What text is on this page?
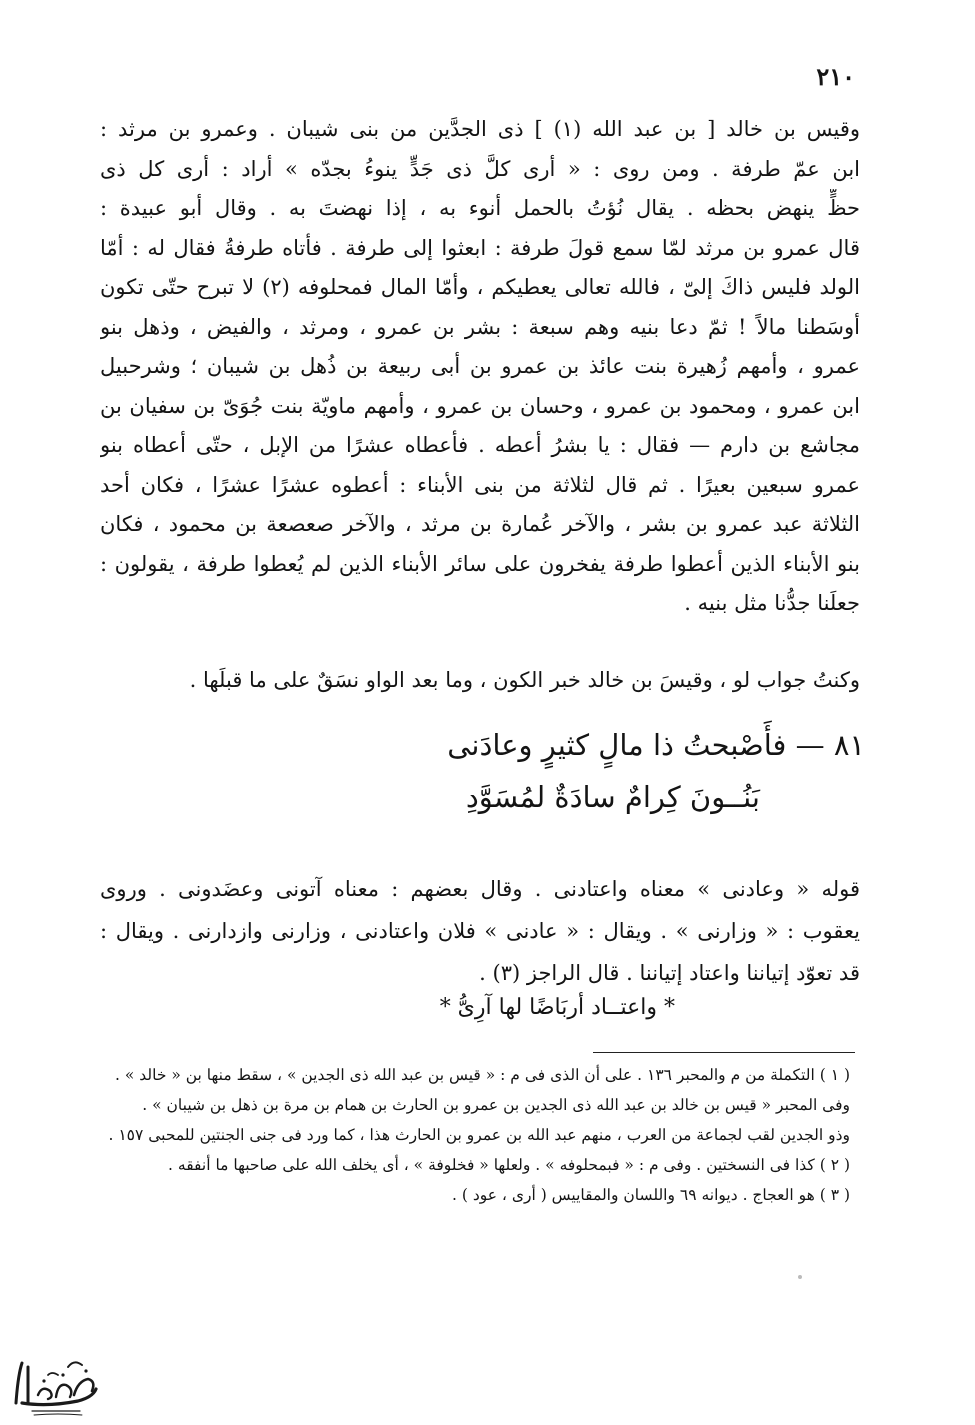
٢١٠
وقيس بن خالد [ بن عبد الله (١) ] ذى الجدَّين من بنى شيبان . وعمرو بن مرثد :
ابن عمّ طرفة . ومن روى : « أرى كلَّ ذى جَدٍّ ينوءُ بجدّه » أراد : أرى كل ذى
حظٍّ ينهض بحظه . يقال نُؤتُ بالحمل أنوء به ، إذا نهضتَ به . وقال أبو عبيدة :
قال عمرو بن مرثد لمّا سمع قولَ طرفة : ابعثوا إلى طرفة . فأتاه طرفةُ فقال له : أمّا
الولد فليس ذاكَ إلىّ ، فالله تعالى يعطيكم ، وأمّا المال فمحلوفه (٢) لا تبرح حتّى تكون
أوسَطنا مالاً ! ثمّ دعا بنيه وهم سبعة : بشر بن عمرو ، ومرثد ، والفيض ، وذهل بنو
عمرو ، وأمهم زُهيرة بنت عائذ بن عمرو بن أبى ربيعة بن ذُهل بن شيبان ؛ وشرحبيل
ابن عمرو ، ومحمود بن عمرو ، وحسان بن عمرو ، وأمهم ماويّة بنت جُوَىّ بن سفيان بن
مجاشع بن دارم — فقال : يا بشرُ أعطه . فأعطاه عشرًا من الإبل ، حتّى أعطاه بنو
عمرو سبعين بعيرًا . ثم قال لثلاثة من بنى الأبناء : أعطوه عشرًا عشرًا ، فكان أحد
الثلاثة عبد عمرو بن بشر ، والآخر عُمارة بن مرثد ، والآخر صعصعة بن محمود ، فكان
بنو الأبناء الذين أعطوا طرفة يفخرون على سائر الأبناء الذين لم يُعطوا طرفة ، يقولون :
جعلَنا جدُّنا مثل بنيه .
وكنتُ جواب لو ، وقيسَ بن خالد خبر الكون ، وما بعد الواو نسَقٌ على ما قبلَها .
٨١ — فأَصْبحتُ ذا مالٍ كثيرٍ وعادَنى
بَنُــونَ كِرامٌ سادَةٌ لمُسَوَّدِ
قوله « وعادنى » معناه واعتادنى . وقال بعضهم : معناه آتونى وعضَدونى . وروى
يعقوب : « وزارنى » . ويقال : « عادنى » فلان واعتادنى ، وزارنى وازدارنى . ويقال :
قد تعوّد إتياننا واعتاد إتياننا . قال الراجز (٣) .
* واعتــاد أربَاضًا لها آرِىُّ *
( ١ ) التكملة من م والمحبر ١٣٦ . على أن الذى فى م : « قيس بن عبد الله ذى الجدين » ، سقط منها بن « خالد » .
وفى المحبر « قيس بن خالد بن عبد الله ذى الجدين بن عمرو بن الحارث بن همام بن مرة بن ذهل بن شيبان » .
وذو الجدين لقب لجماعة من العرب ، منهم عبد الله بن عمرو بن الحارث هذا ، كما ورد فى جنى الجنتين للمحبى ١٥٧ .
( ٢ ) كذا فى النسختين . وفى م : « فبمحلوفه » . ولعلها « فخلوفة » ، أى يخلف الله على صاحبها ما أنفقه .
( ٣ ) هو العجاج . ديوانه ٦٩ واللسان والمقاييس ( أرى ، عود ) .
